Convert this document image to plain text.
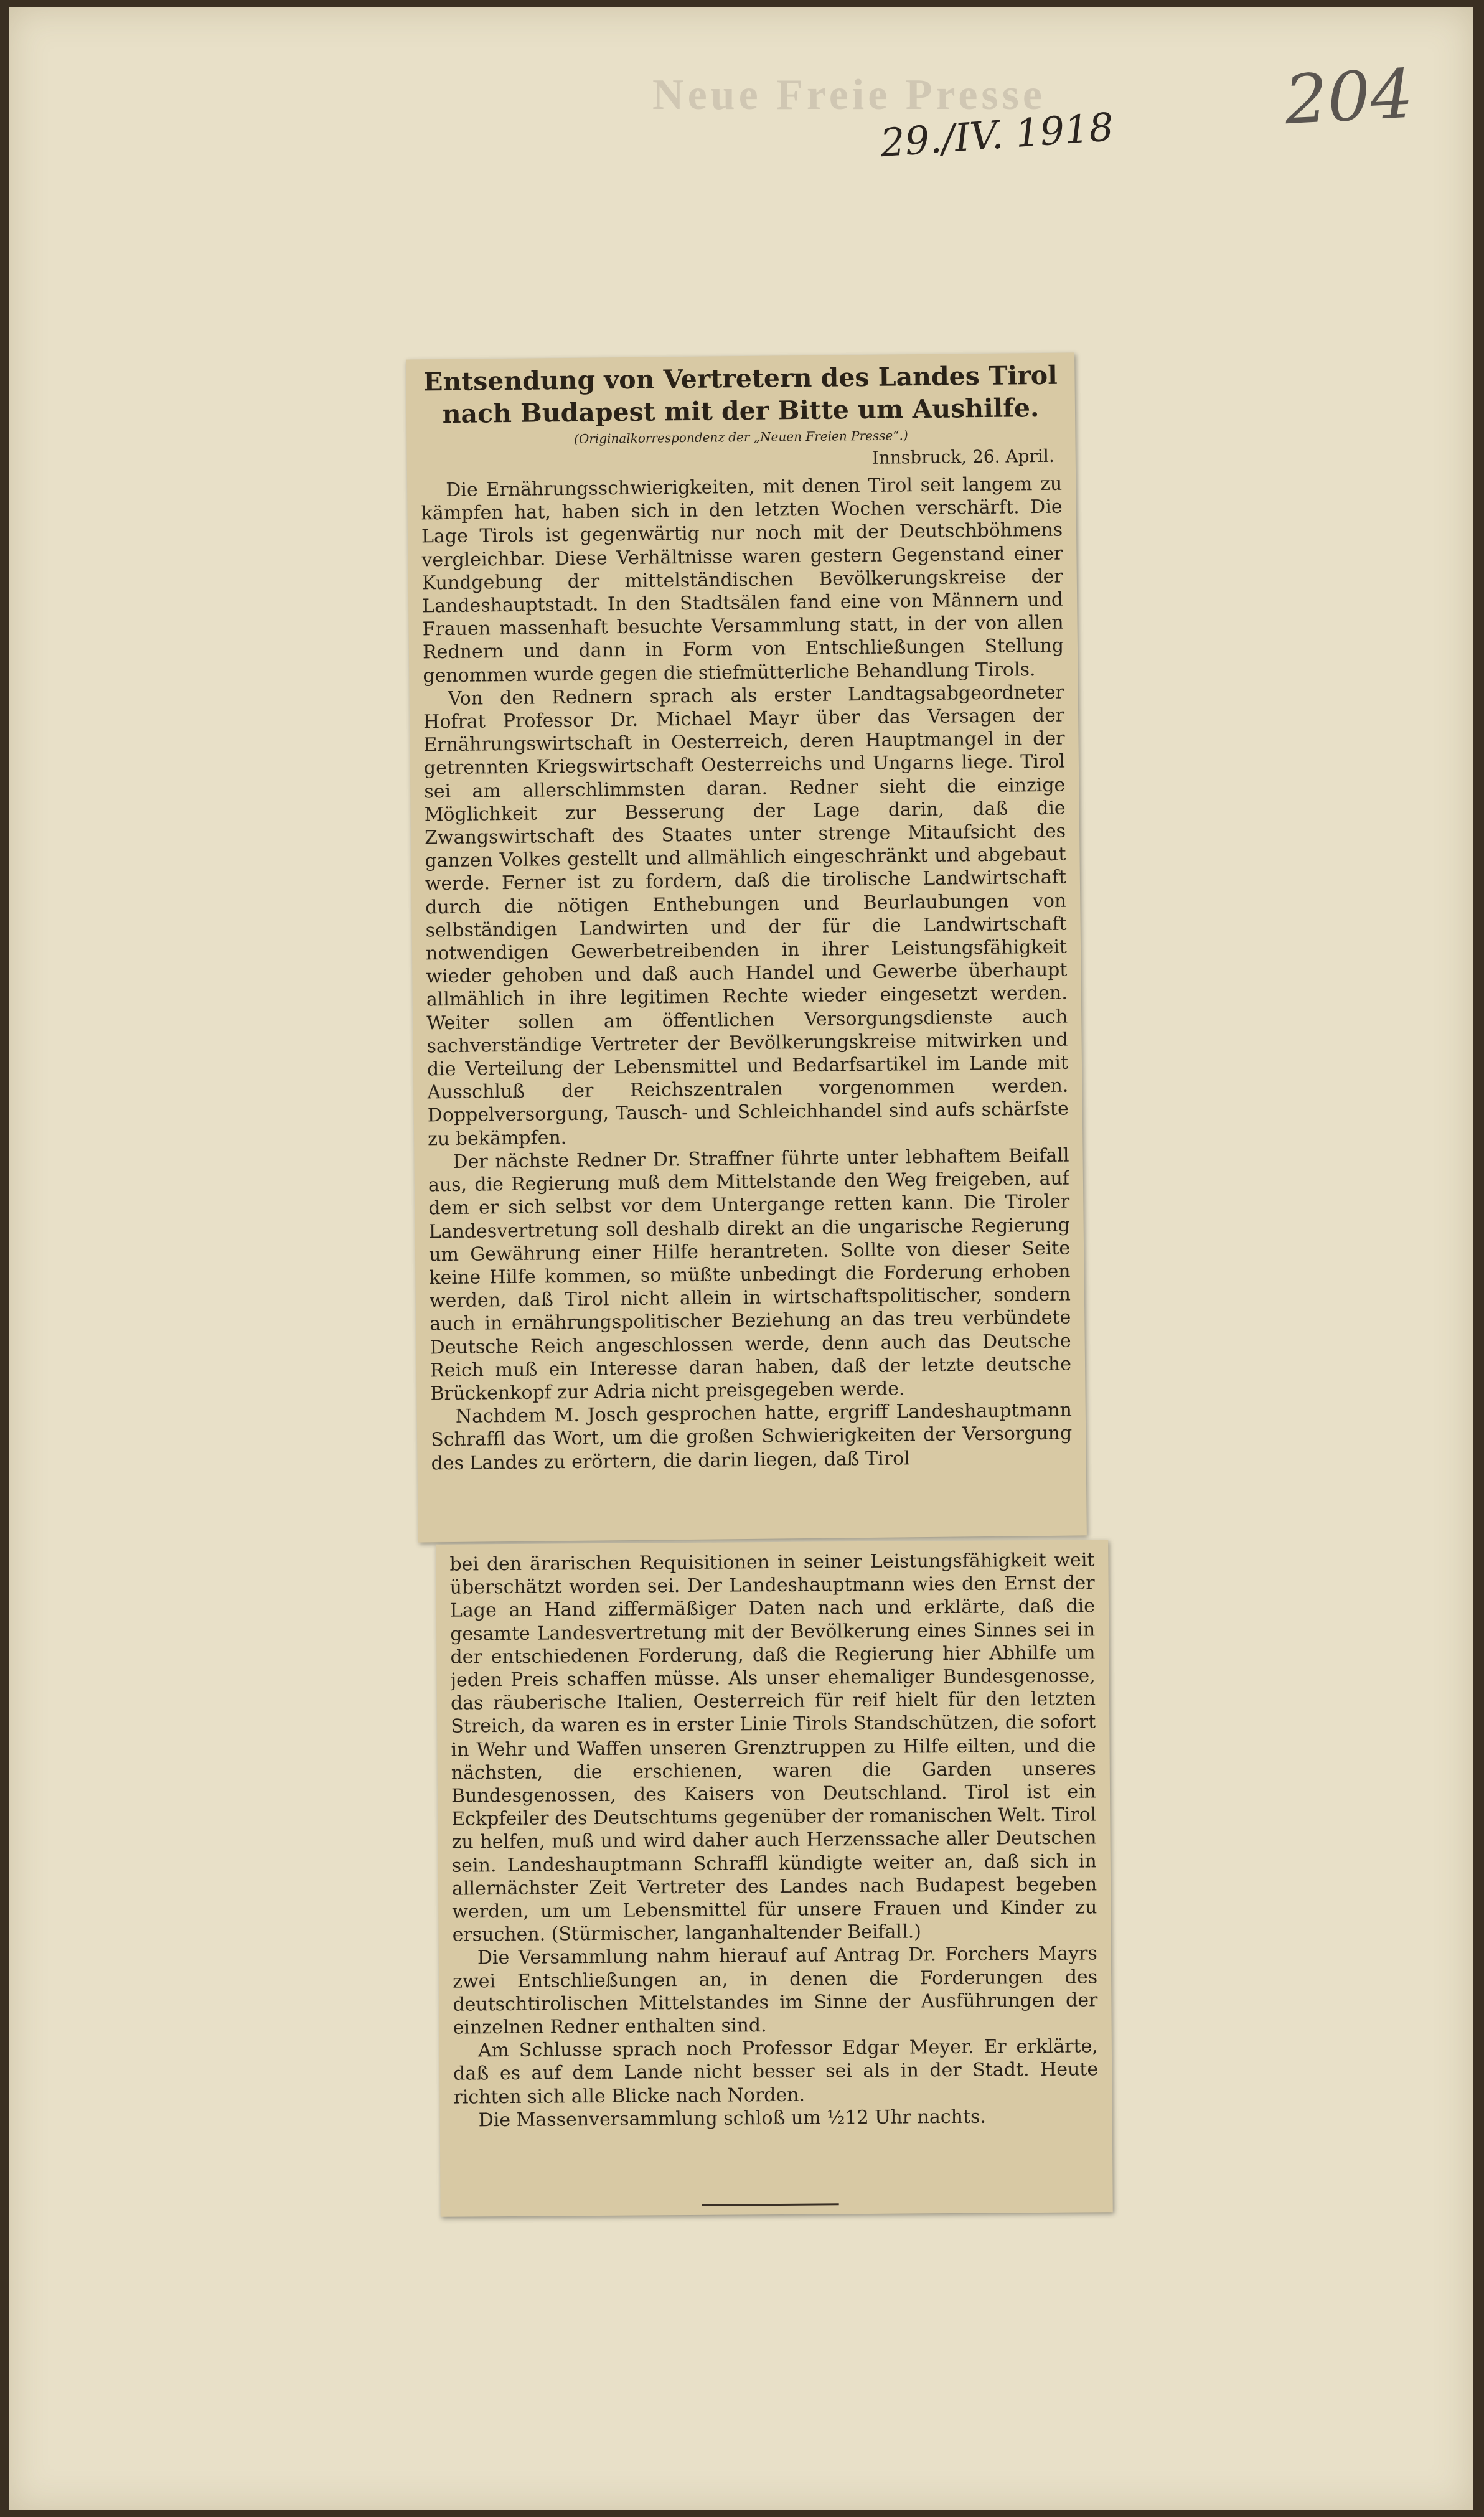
Neue Freie Presse
29./IV. 1918 204
Entsendung von Vertretern des Landes Tirol nach Budapest mit der Bitte um Aushilfe.
(Originalkorrespondenz der „Neuen Freien Presse“.)
Innsbruck, 26. April.

Die Ernährungsschwierigkeiten, mit denen Tirol seit langem zu kämpfen hat, haben sich in den letzten Wochen verschärft. Die Lage Tirols ist gegenwärtig nur noch mit der Deutschböhmens vergleichbar. Diese Verhältnisse waren gestern Gegenstand einer Kundgebung der mittelständischen Bevölkerungskreise der Landeshauptstadt. In den Stadtsälen fand eine von Männern und Frauen massenhaft besuchte Versammlung statt, in der von allen Rednern und dann in Form von Entschließungen Stellung genommen wurde gegen die stiefmütterliche Behandlung Tirols.

Von den Rednern sprach als erster Landtagsabgeordneter Hofrat Professor Dr. Michael Mayr über das Versagen der Ernährungswirtschaft in Oesterreich, deren Hauptmangel in der getrennten Kriegswirtschaft Oesterreichs und Ungarns liege. Tirol sei am allerschlimmsten daran. Redner sieht die einzige Möglichkeit zur Besserung der Lage darin, daß die Zwangswirtschaft des Staates unter strenge Mitaufsicht des ganzen Volkes gestellt und allmählich eingeschränkt und abgebaut werde. Ferner ist zu fordern, daß die tirolische Landwirtschaft durch die nötigen Enthebungen und Beurlaubungen von selbständigen Landwirten und der für die Landwirtschaft notwendigen Gewerbetreibenden in ihrer Leistungsfähigkeit wieder gehoben und daß auch Handel und Gewerbe überhaupt allmählich in ihre legitimen Rechte wieder eingesetzt werden. Weiter sollen am öffentlichen Versorgungsdienste auch sachverständige Vertreter der Bevölkerungskreise mitwirken und die Verteilung der Lebensmittel und Bedarfsartikel im Lande mit Ausschluß der Reichszentralen vorgenommen werden. Doppelversorgung, Tausch- und Schleichhandel sind aufs schärfste zu bekämpfen.

Der nächste Redner Dr. Straffner führte unter lebhaftem Beifall aus, die Regierung muß dem Mittelstande den Weg freigeben, auf dem er sich selbst vor dem Untergange retten kann. Die Tiroler Landesvertretung soll deshalb direkt an die ungarische Regierung um Gewährung einer Hilfe herantreten. Sollte von dieser Seite keine Hilfe kommen, so müßte unbedingt die Forderung erhoben werden, daß Tirol nicht allein in wirtschaftspolitischer, sondern auch in ernährungspolitischer Beziehung an das treu verbündete Deutsche Reich angeschlossen werde, denn auch das Deutsche Reich muß ein Interesse daran haben, daß der letzte deutsche Brückenkopf zur Adria nicht preisgegeben werde.

Nachdem M. Josch gesprochen hatte, ergriff Landeshauptmann Schraffl das Wort, um die großen Schwierigkeiten der Versorgung des Landes zu erörtern, die darin liegen, daß Tirol

bei den ärarischen Requisitionen in seiner Leistungsfähigkeit weit überschätzt worden sei. Der Landeshauptmann wies den Ernst der Lage an Hand ziffermäßiger Daten nach und erklärte, daß die gesamte Landesvertretung mit der Bevölkerung eines Sinnes sei in der entschiedenen Forderung, daß die Regierung hier Abhilfe um jeden Preis schaffen müsse. Als unser ehemaliger Bundesgenosse, das räuberische Italien, Oesterreich für reif hielt für den letzten Streich, da waren es in erster Linie Tirols Standschützen, die sofort in Wehr und Waffen unseren Grenztruppen zu Hilfe eilten, und die nächsten, die erschienen, waren die Garden unseres Bundesgenossen, des Kaisers von Deutschland. Tirol ist ein Eckpfeiler des Deutschtums gegenüber der romanischen Welt. Tirol zu helfen, muß und wird daher auch Herzenssache aller Deutschen sein. Landeshauptmann Schraffl kündigte weiter an, daß sich in allernächster Zeit Vertreter des Landes nach Budapest begeben werden, um um Lebensmittel für unsere Frauen und Kinder zu ersuchen. (Stürmischer, langanhaltender Beifall.)

Die Versammlung nahm hierauf auf Antrag Dr. Forchers Mayrs zwei Entschließungen an, in denen die Forderungen des deutschtirolischen Mittelstandes im Sinne der Ausführungen der einzelnen Redner enthalten sind.

Am Schlusse sprach noch Professor Edgar Meyer. Er erklärte, daß es auf dem Lande nicht besser sei als in der Stadt. Heute richten sich alle Blicke nach Norden.

Die Massenversammlung schloß um ½12 Uhr nachts.
